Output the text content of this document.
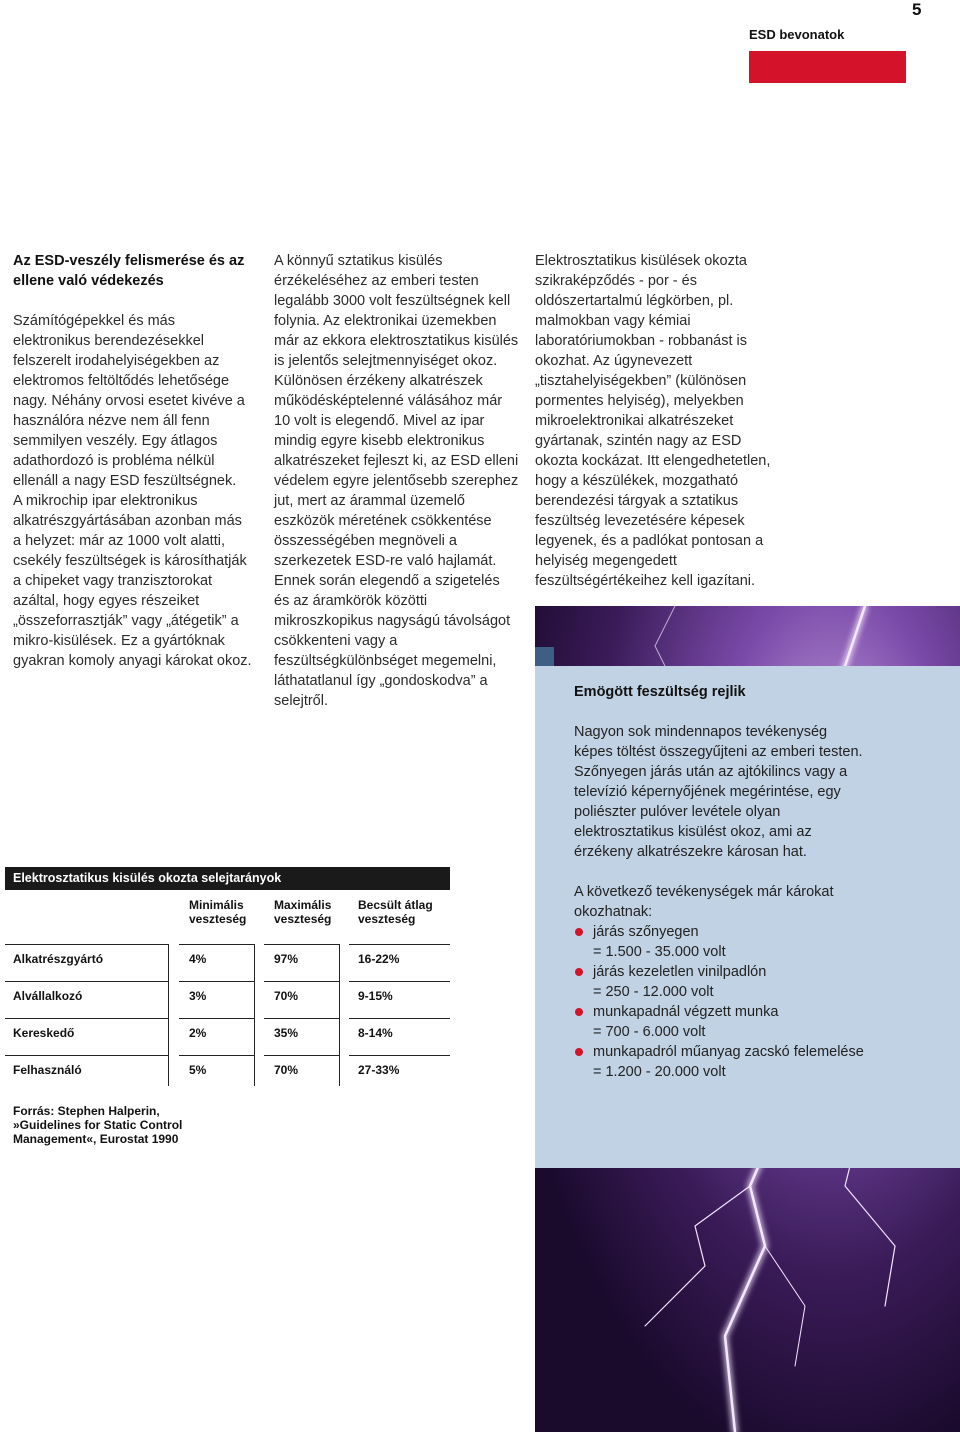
5
ESD bevonatok

Az ESD-veszély felismerése és az ellene való védekezés

Számítógépekkel és más elektronikus berendezésekkel felszerelt irodahelyiségekben az elektromos feltöltődés lehetősége nagy. Néhány orvosi esetet kivéve a használóra nézve nem áll fenn semmilyen veszély. Egy átlagos adathordozó is probléma nélkül ellenáll a nagy ESD feszültségnek.

A mikrochip ipar elektronikus alkatrészgyártásában azonban más a helyzet: már az 1000 volt alatti, csekély feszültségek is károsíthatják a chipeket vagy tranzisztorokat azáltal, hogy egyes részeiket „összeforrasztják” vagy „átégetik” a mikro-kisülések. Ez a gyártóknak gyakran komoly anyagi károkat okoz.

A könnyű sztatikus kisülés érzékeléséhez az emberi testen legalább 3000 volt feszültségnek kell folynia. Az elektronikai üzemekben már az ekkora elektrosztatikus kisülés is jelentős selejtmennyiséget okoz. Különösen érzékeny alkatrészek működésképtelenné válásához már 10 volt is elegendő. Mivel az ipar mindig egyre kisebb elektronikus alkatrészeket fejleszt ki, az ESD elleni védelem egyre jelentősebb szerephez jut, mert az árammal üzemelő eszközök méretének csökkentése összességében megnöveli a szerkezetek ESD-re való hajlamát. Ennek során elegendő a szigetelés és az áramkörök közötti mikroszkopikus nagyságú távolságot csökkenteni vagy a feszültségkülönbséget megemelni, láthatatlanul így „gondoskodva” a selejtről.

Elektrosztatikus kisülések okozta szikraképződés - por - és oldószertartalmú légkörben, pl. malmokban vagy kémiai laboratóriumokban - robbanást is okozhat. Az úgynevezett „tisztahelyiségekben” (különösen pormentes helyiség), melyekben mikroelektronikai alkatrészeket gyártanak, szintén nagy az ESD okozta kockázat. Itt elengedhetetlen, hogy a készülékek, mozgatható berendezési tárgyak a sztatikus feszültség levezetésére képesek legyenek, és a padlókat pontosan a helyiség megengedett feszültségértékeihez kell igazítani.

Emögött feszültség rejlik

Nagyon sok mindennapos tevékenység képes töltést összegyűjteni az emberi testen. Szőnyegen járás után az ajtókilincs vagy a televízió képernyőjének megérintése, egy poliészter pulóver levétele olyan elektrosztatikus kisülést okoz, ami az érzékeny alkatrészekre károsan hat.

A következő tevékenységek már károkat okozhatnak:

járás szőnyegen
= 1.500 - 35.000 volt
járás kezeletlen vinilpadlón
= 250 - 12.000 volt
munkapadnál végzett munka
= 700 - 6.000 volt
munkapadról műanyag zacskó felemelése
= 1.200 - 20.000 volt
Elektrosztatikus kisülés okozta selejtarányok
Minimális veszteség
Maximális veszteség
Becsült átlag veszteség
Alkatrészgyártó	4%	97%	16-22%
Alvállalkozó	3%	70%	9-15%
Kereskedő	2%	35%	8-14%
Felhasználó	5%	70%	27-33%
Forrás: Stephen Halperin, »Guidelines for Static Control Management«, Eurostat 1990
